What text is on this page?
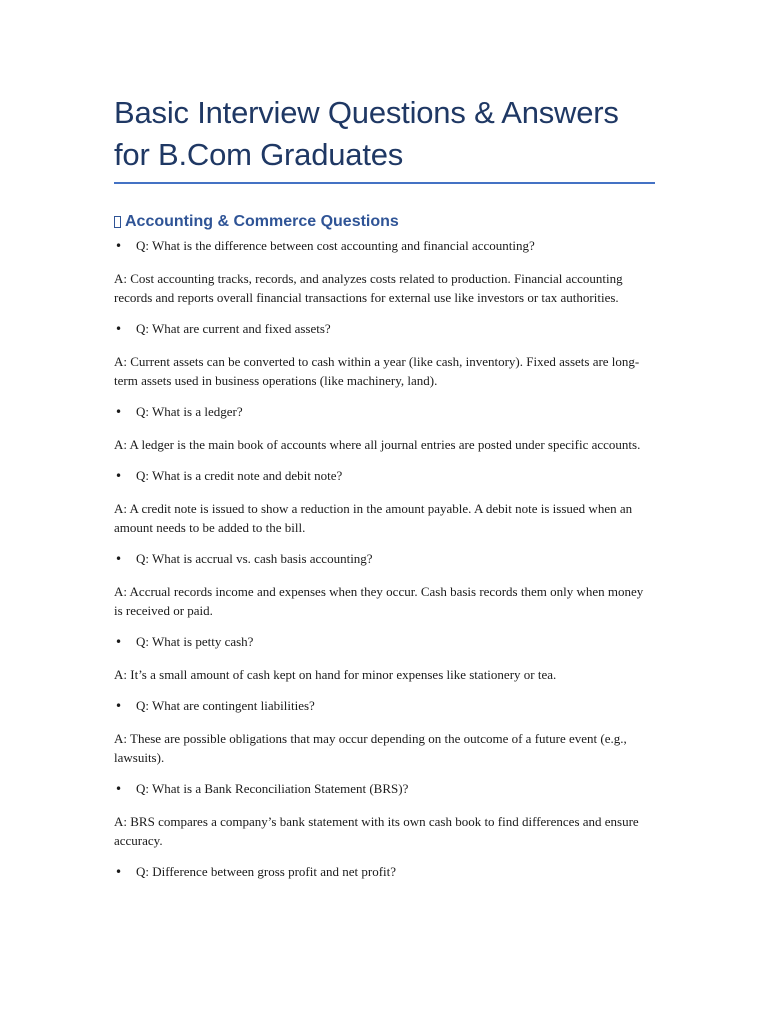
Basic Interview Questions & Answers for B.Com Graduates
Accounting & Commerce Questions
•	Q: What is the difference between cost accounting and financial accounting?

A: Cost accounting tracks, records, and analyzes costs related to production. Financial accounting records and reports overall financial transactions for external use like investors or tax authorities.

•	Q: What are current and fixed assets?

A: Current assets can be converted to cash within a year (like cash, inventory). Fixed assets are long-term assets used in business operations (like machinery, land).

•	Q: What is a ledger?

A: A ledger is the main book of accounts where all journal entries are posted under specific accounts.

•	Q: What is a credit note and debit note?

A: A credit note is issued to show a reduction in the amount payable. A debit note is issued when an amount needs to be added to the bill.

•	Q: What is accrual vs. cash basis accounting?

A: Accrual records income and expenses when they occur. Cash basis records them only when money is received or paid.

•	Q: What is petty cash?

A: It’s a small amount of cash kept on hand for minor expenses like stationery or tea.

•	Q: What are contingent liabilities?

A: These are possible obligations that may occur depending on the outcome of a future event (e.g., lawsuits).

•	Q: What is a Bank Reconciliation Statement (BRS)?

A: BRS compares a company’s bank statement with its own cash book to find differences and ensure accuracy.

•	Q: Difference between gross profit and net profit?
